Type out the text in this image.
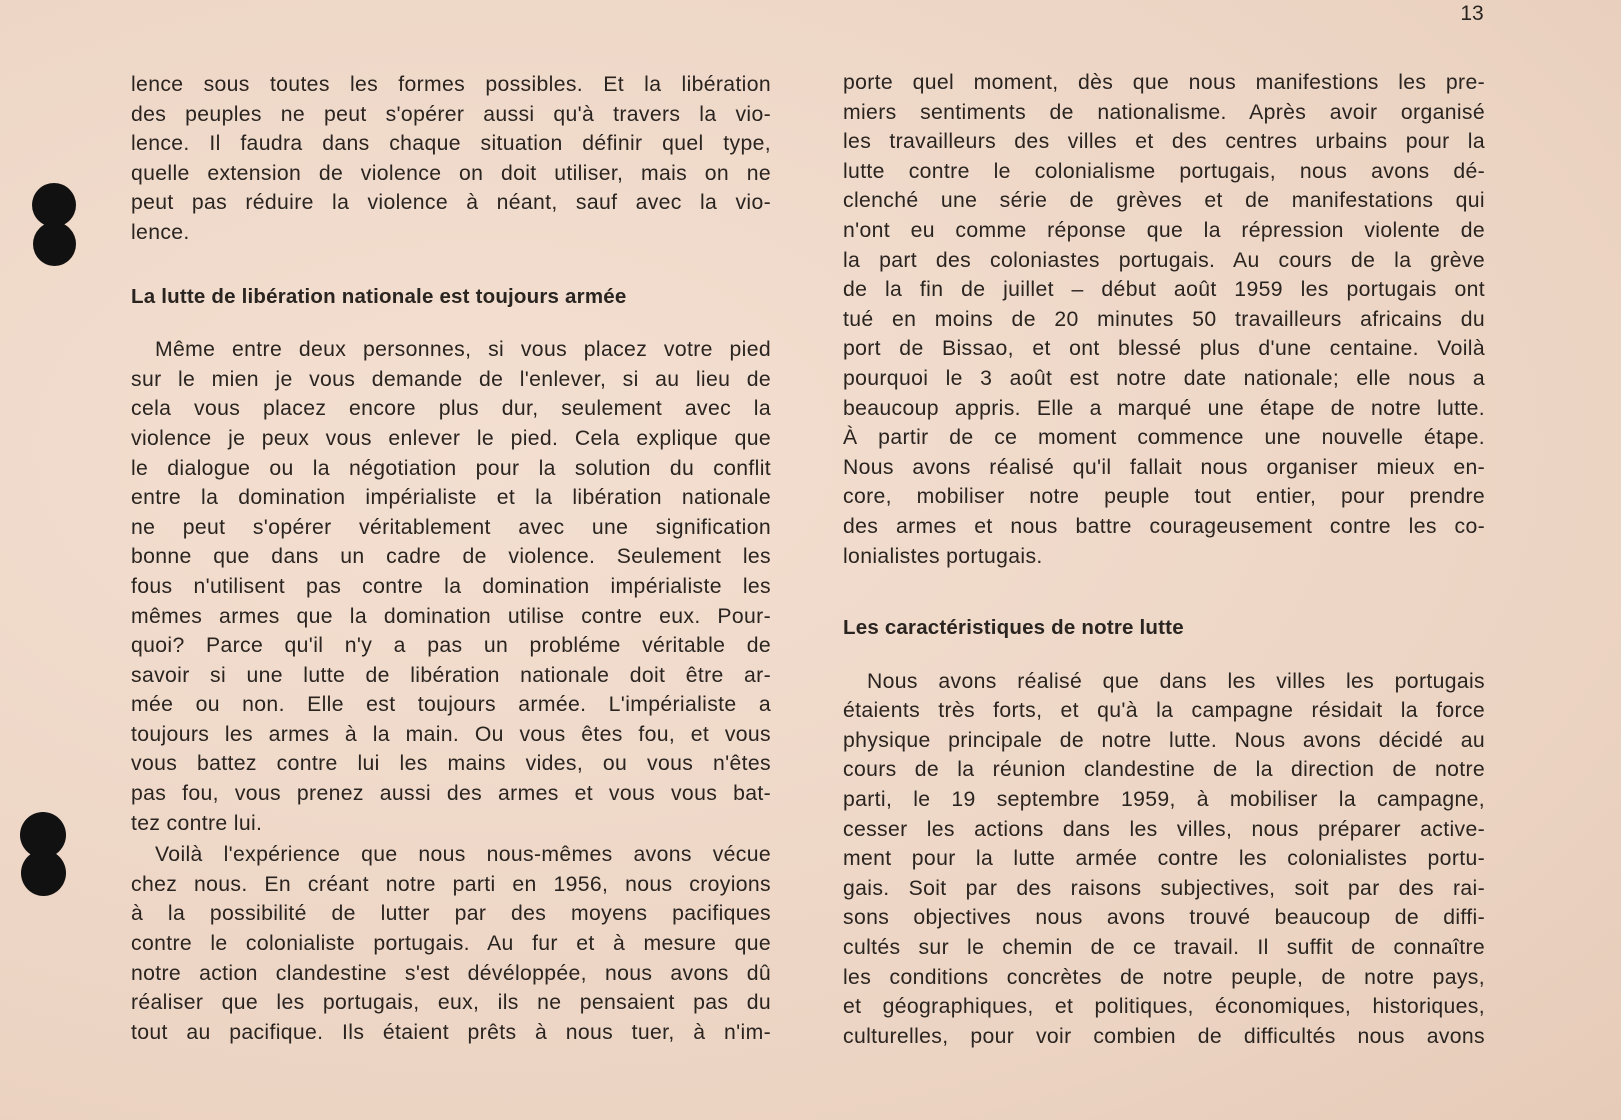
13
lence sous toutes les formes possibles. Et la libération
des peuples ne peut s'opérer aussi qu'à travers la vio-
lence. Il faudra dans chaque situation définir quel type,
quelle extension de violence on doit utiliser, mais on ne
peut pas réduire la violence à néant, sauf avec la vio-
lence.
La lutte de libération nationale est toujours armée
Même entre deux personnes, si vous placez votre pied
sur le mien je vous demande de l'enlever, si au lieu de
cela vous placez encore plus dur, seulement avec la
violence je peux vous enlever le pied. Cela explique que
le dialogue ou la négotiation pour la solution du conflit
entre la domination impérialiste et la libération nationale
ne peut s'opérer véritablement avec une signification
bonne que dans un cadre de violence. Seulement les
fous n'utilisent pas contre la domination impérialiste les
mêmes armes que la domination utilise contre eux. Pour-
quoi? Parce qu'il n'y a pas un probléme véritable de
savoir si une lutte de libération nationale doit être ar-
mée ou non. Elle est toujours armée. L'impérialiste a
toujours les armes à la main. Ou vous êtes fou, et vous
vous battez contre lui les mains vides, ou vous n'êtes
pas fou, vous prenez aussi des armes et vous vous bat-
tez contre lui.
Voilà l'expérience que nous nous-mêmes avons vécue
chez nous. En créant notre parti en 1956, nous croyions
à la possibilité de lutter par des moyens pacifiques
contre le colonialiste portugais. Au fur et à mesure que
notre action clandestine s'est dévéloppée, nous avons dû
réaliser que les portugais, eux, ils ne pensaient pas du
tout au pacifique. Ils étaient prêts à nous tuer, à n'im-
porte quel moment, dès que nous manifestions les pre-
miers sentiments de nationalisme. Après avoir organisé
les travailleurs des villes et des centres urbains pour la
lutte contre le colonialisme portugais, nous avons dé-
clenché une série de grèves et de manifestations qui
n'ont eu comme réponse que la répression violente de
la part des coloniastes portugais. Au cours de la grève
de la fin de juillet – début août 1959 les portugais ont
tué en moins de 20 minutes 50 travailleurs africains du
port de Bissao, et ont blessé plus d'une centaine. Voilà
pourquoi le 3 août est notre date nationale; elle nous a
beaucoup appris. Elle a marqué une étape de notre lutte.
À partir de ce moment commence une nouvelle étape.
Nous avons réalisé qu'il fallait nous organiser mieux en-
core, mobiliser notre peuple tout entier, pour prendre
des armes et nous battre courageusement contre les co-
lonialistes portugais.
Les caractéristiques de notre lutte
Nous avons réalisé que dans les villes les portugais
étaients très forts, et qu'à la campagne résidait la force
physique principale de notre lutte. Nous avons décidé au
cours de la réunion clandestine de la direction de notre
parti, le 19 septembre 1959, à mobiliser la campagne,
cesser les actions dans les villes, nous préparer active-
ment pour la lutte armée contre les colonialistes portu-
gais. Soit par des raisons subjectives, soit par des rai-
sons objectives nous avons trouvé beaucoup de diffi-
cultés sur le chemin de ce travail. Il suffit de connaître
les conditions concrètes de notre peuple, de notre pays,
et géographiques, et politiques, économiques, historiques,
culturelles, pour voir combien de difficultés nous avons
